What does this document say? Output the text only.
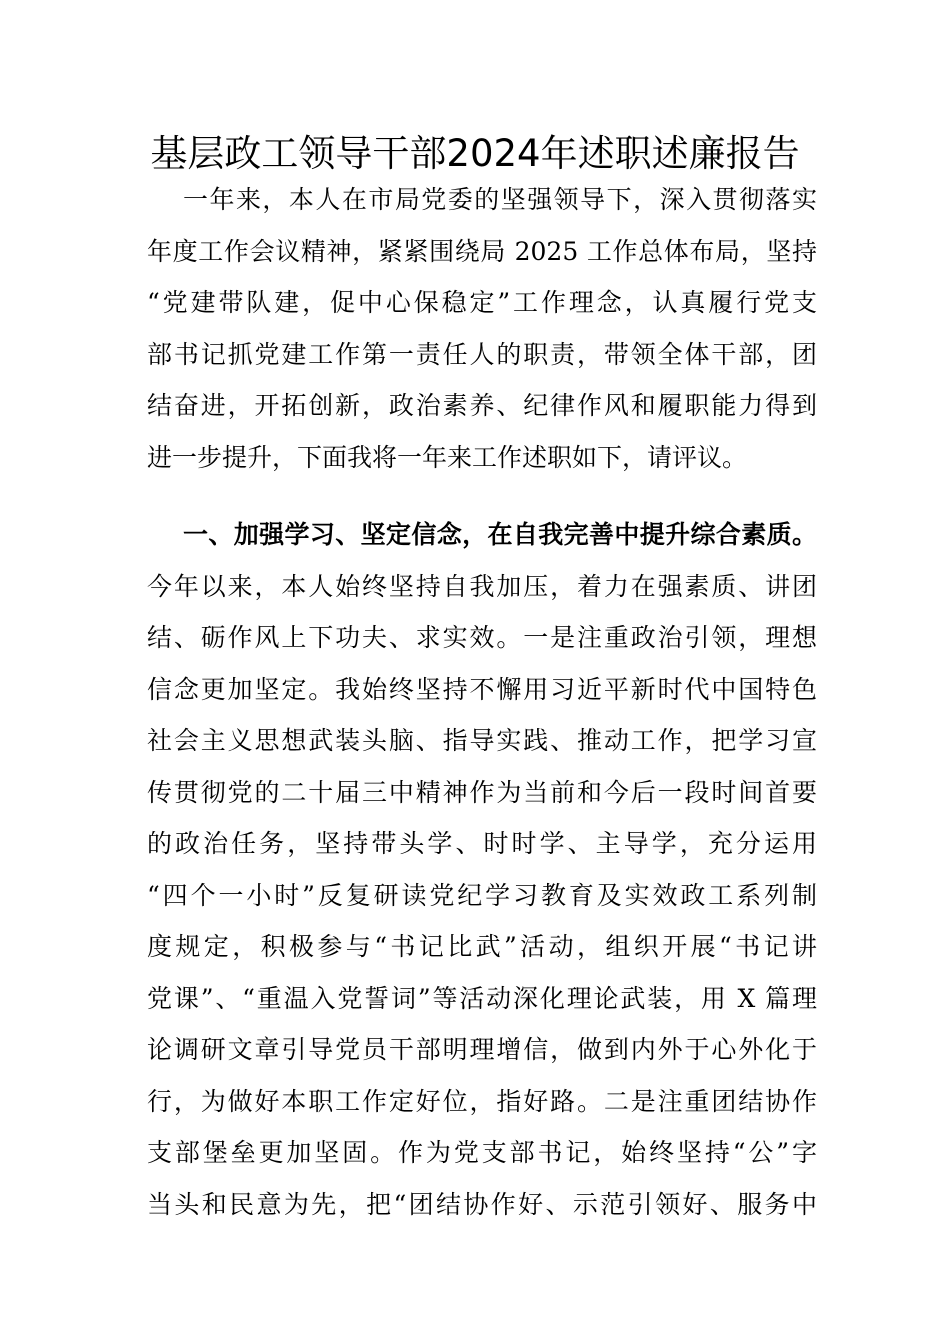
基层政工领导干部2024年述职述廉报告
一年来，本人在市局党委的坚强领导下，深入贯彻落实
年度工作会议精神，紧紧围绕局 2025 工作总体布局，坚持
“党建带队建，促中心保稳定”工作理念，认真履行党支
部书记抓党建工作第一责任人的职责，带领全体干部，团
结奋进，开拓创新，政治素养、纪律作风和履职能力得到
进一步提升，下面我将一年来工作述职如下，请评议。
一、加强学习、坚定信念，在自我完善中提升综合素质。
今年以来，本人始终坚持自我加压，着力在强素质、讲团
结、砺作风上下功夫、求实效。一是注重政治引领，理想
信念更加坚定。我始终坚持不懈用习近平新时代中国特色
社会主义思想武装头脑、指导实践、推动工作，把学习宣
传贯彻党的二十届三中精神作为当前和今后一段时间首要
的政治任务，坚持带头学、时时学、主导学，充分运用
“四个一小时”反复研读党纪学习教育及实效政工系列制
度规定，积极参与“书记比武”活动，组织开展“书记讲
党课”、“重温入党誓词”等活动深化理论武装，用 X 篇理
论调研文章引导党员干部明理增信，做到内外于心外化于
行，为做好本职工作定好位，指好路。二是注重团结协作
支部堡垒更加坚固。作为党支部书记，始终坚持“公”字
当头和民意为先，把“团结协作好、示范引领好、服务中
